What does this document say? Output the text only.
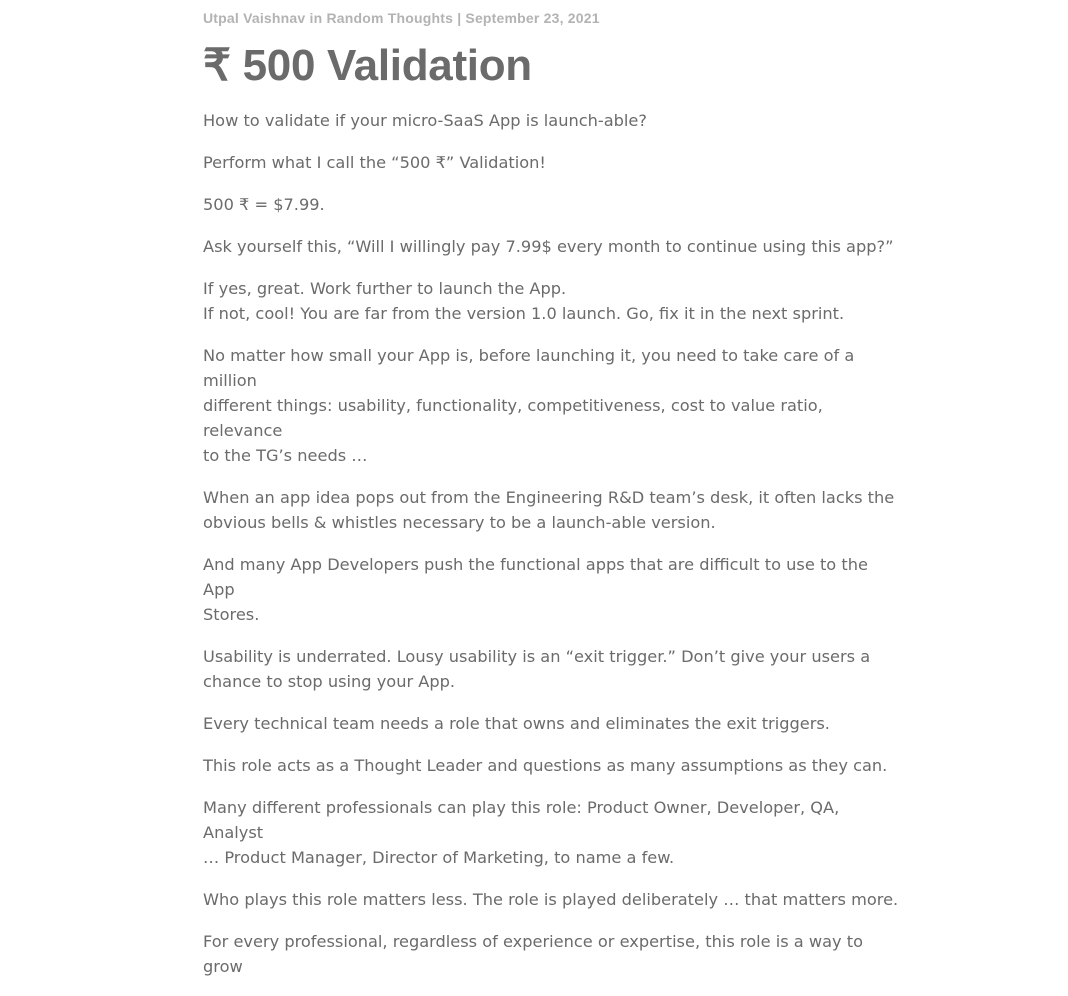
Utpal Vaishnav in Random Thoughts | September 23, 2021
₹ 500 Validation

How to validate if your micro-SaaS App is launch-able?

Perform what I call the “500 ₹” Validation!

500 ₹ = $7.99.

Ask yourself this, “Will I willingly pay 7.99$ every month to continue using this app?”

If yes, great. Work further to launch the App.
If not, cool! You are far from the version 1.0 launch. Go, fix it in the next sprint.

No matter how small your App is, before launching it, you need to take care of a million
different things: usability, functionality, competitiveness, cost to value ratio, relevance
to the TG’s needs …

When an app idea pops out from the Engineering R&D team’s desk, it often lacks the
obvious bells & whistles necessary to be a launch-able version.

And many App Developers push the functional apps that are difficult to use to the App
Stores.

Usability is underrated. Lousy usability is an “exit trigger.” Don’t give your users a
chance to stop using your App.

Every technical team needs a role that owns and eliminates the exit triggers.

This role acts as a Thought Leader and questions as many assumptions as they can.

Many different professionals can play this role: Product Owner, Developer, QA, Analyst
… Product Manager, Director of Marketing, to name a few.

Who plays this role matters less. The role is played deliberately … that matters more.

For every professional, regardless of experience or expertise, this role is a way to grow
